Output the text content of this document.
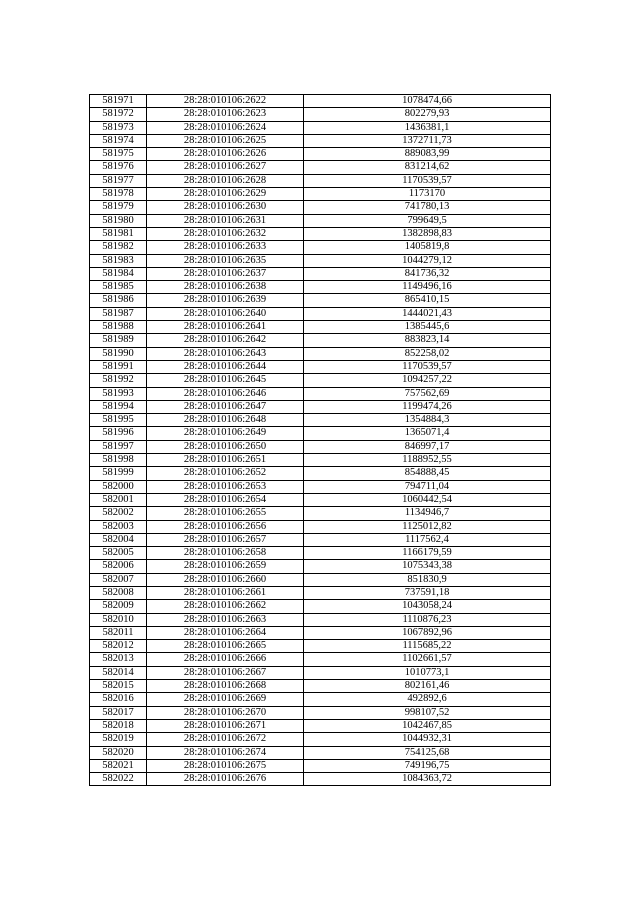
581971	28:28:010106:2622	1078474,66
581972	28:28:010106:2623	802279,93
581973	28:28:010106:2624	1436381,1
581974	28:28:010106:2625	1372711,73
581975	28:28:010106:2626	889083,99
581976	28:28:010106:2627	831214,62
581977	28:28:010106:2628	1170539,57
581978	28:28:010106:2629	1173170
581979	28:28:010106:2630	741780,13
581980	28:28:010106:2631	799649,5
581981	28:28:010106:2632	1382898,83
581982	28:28:010106:2633	1405819,8
581983	28:28:010106:2635	1044279,12
581984	28:28:010106:2637	841736,32
581985	28:28:010106:2638	1149496,16
581986	28:28:010106:2639	865410,15
581987	28:28:010106:2640	1444021,43
581988	28:28:010106:2641	1385445,6
581989	28:28:010106:2642	883823,14
581990	28:28:010106:2643	852258,02
581991	28:28:010106:2644	1170539,57
581992	28:28:010106:2645	1094257,22
581993	28:28:010106:2646	757562,69
581994	28:28:010106:2647	1199474,26
581995	28:28:010106:2648	1354884,3
581996	28:28:010106:2649	1365071,4
581997	28:28:010106:2650	846997,17
581998	28:28:010106:2651	1188952,55
581999	28:28:010106:2652	854888,45
582000	28:28:010106:2653	794711,04
582001	28:28:010106:2654	1060442,54
582002	28:28:010106:2655	1134946,7
582003	28:28:010106:2656	1125012,82
582004	28:28:010106:2657	1117562,4
582005	28:28:010106:2658	1166179,59
582006	28:28:010106:2659	1075343,38
582007	28:28:010106:2660	851830,9
582008	28:28:010106:2661	737591,18
582009	28:28:010106:2662	1043058,24
582010	28:28:010106:2663	1110876,23
582011	28:28:010106:2664	1067892,96
582012	28:28:010106:2665	1115685,22
582013	28:28:010106:2666	1102661,57
582014	28:28:010106:2667	1010773,1
582015	28:28:010106:2668	802161,46
582016	28:28:010106:2669	492892,6
582017	28:28:010106:2670	998107,52
582018	28:28:010106:2671	1042467,85
582019	28:28:010106:2672	1044932,31
582020	28:28:010106:2674	754125,68
582021	28:28:010106:2675	749196,75
582022	28:28:010106:2676	1084363,72
